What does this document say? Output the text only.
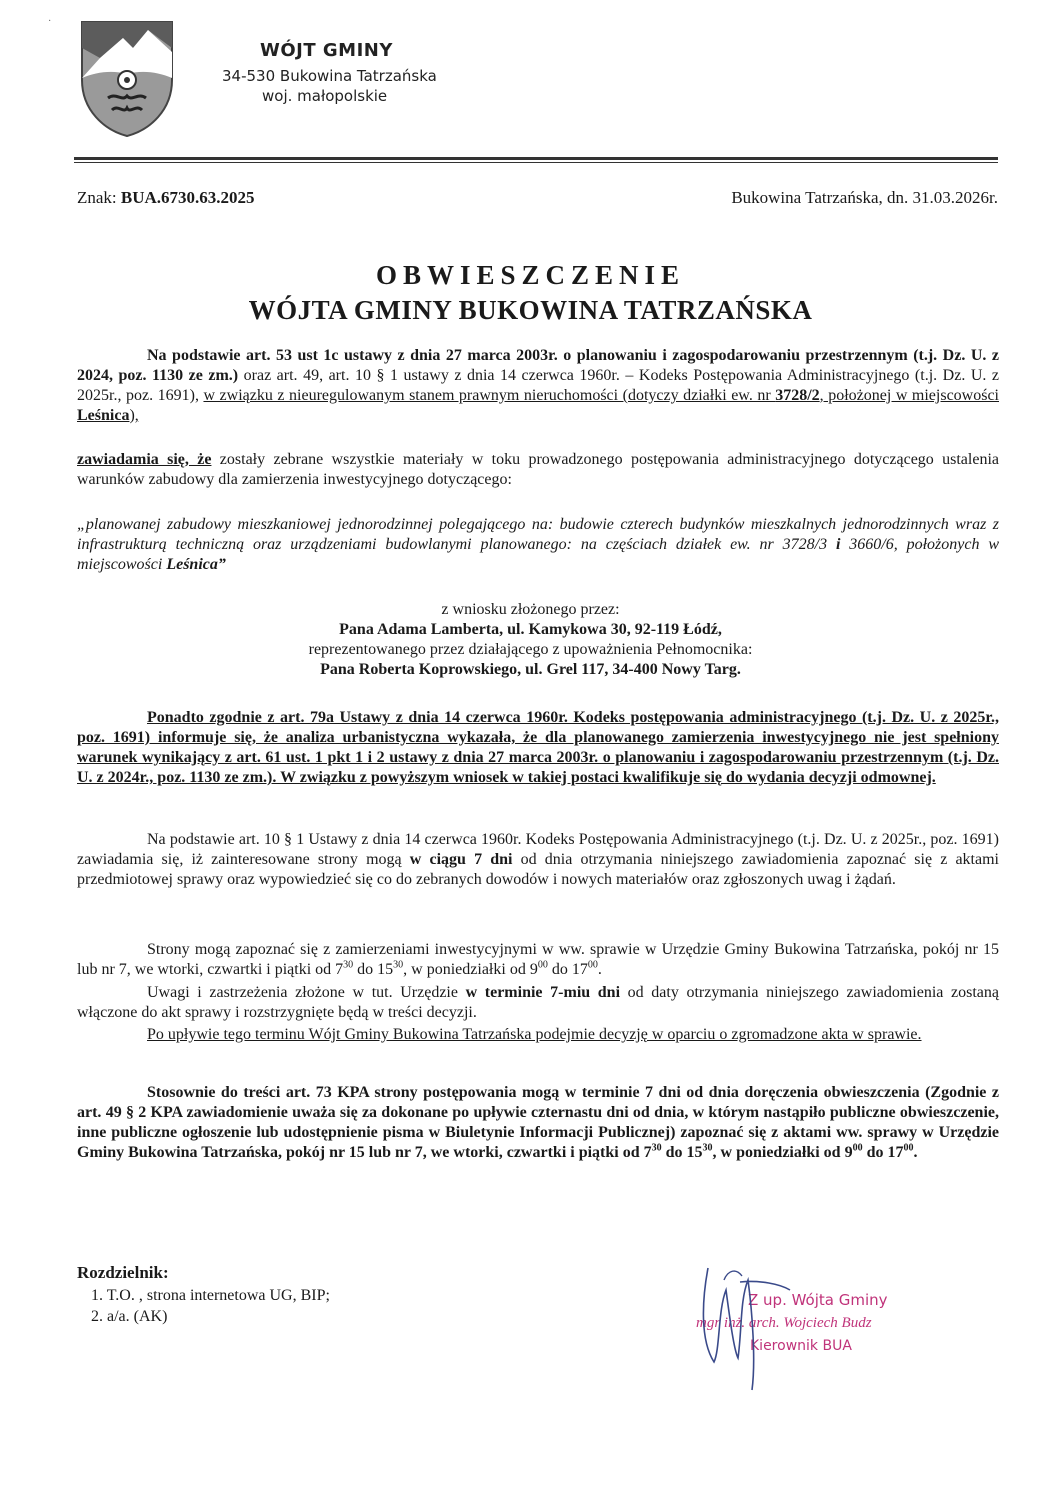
·
WÓJT GMINY
34-530 Bukowina Tatrzańska
woj. małopolskie
Znak: BUA.6730.63.2025	Bukowina Tatrzańska, dn. 31.03.2026r.
OBWIESZCZENIE
WÓJTA GMINY BUKOWINA TATRZAŃSKA
Na podstawie art. 53 ust 1c ustawy z dnia 27 marca 2003r. o planowaniu i zagospodarowaniu przestrzennym (t.j. Dz. U. z 2024, poz. 1130 ze zm.) oraz art. 49, art. 10 § 1 ustawy z dnia 14 czerwca 1960r. – Kodeks Postępowania Administracyjnego (t.j. Dz. U. z 2025r., poz. 1691), w związku z nieuregulowanym stanem prawnym nieruchomości (dotyczy działki ew. nr 3728/2, położonej w miejscowości Leśnica),
zawiadamia się, że zostały zebrane wszystkie materiały w toku prowadzonego postępowania administracyjnego dotyczącego ustalenia warunków zabudowy dla zamierzenia inwestycyjnego dotyczącego:
„planowanej zabudowy mieszkaniowej jednorodzinnej polegającego na: budowie czterech budynków mieszkalnych jednorodzinnych wraz z infrastrukturą techniczną oraz urządzeniami budowlanymi planowanego: na częściach działek ew. nr 3728/3 i 3660/6, położonych w miejscowości Leśnica”
z wniosku złożonego przez:
Pana Adama Lamberta, ul. Kamykowa 30, 92-119 Łódź,
reprezentowanego przez działającego z upoważnienia Pełnomocnika:
Pana Roberta Koprowskiego, ul. Grel 117, 34-400 Nowy Targ.
Ponadto zgodnie z art. 79a Ustawy z dnia 14 czerwca 1960r. Kodeks postępowania administracyjnego (t.j. Dz. U. z 2025r., poz. 1691) informuje się, że analiza urbanistyczna wykazała, że dla planowanego zamierzenia inwestycyjnego nie jest spełniony warunek wynikający z art. 61 ust. 1 pkt 1 i 2 ustawy z dnia 27 marca 2003r. o planowaniu i zagospodarowaniu przestrzennym (t.j. Dz. U. z 2024r., poz. 1130 ze zm.). W związku z powyższym wniosek w takiej postaci kwalifikuje się do wydania decyzji odmownej.
Na podstawie art. 10 § 1 Ustawy z dnia 14 czerwca 1960r. Kodeks Postępowania Administracyjnego (t.j. Dz. U. z 2025r., poz. 1691) zawiadamia się, iż zainteresowane strony mogą w ciągu 7 dni od dnia otrzymania niniejszego zawiadomienia zapoznać się z aktami przedmiotowej sprawy oraz wypowiedzieć się co do zebranych dowodów i nowych materiałów oraz zgłoszonych uwag i żądań.
Strony mogą zapoznać się z zamierzeniami inwestycyjnymi w ww. sprawie w Urzędzie Gminy Bukowina Tatrzańska, pokój nr 15 lub nr 7, we wtorki, czwartki i piątki od $7^{30}$ do $15^{30}$, w poniedziałki od $9^{00}$ do $17^{00}$.
Uwagi i zastrzeżenia złożone w tut. Urzędzie w terminie 7-miu dni od daty otrzymania niniejszego zawiadomienia zostaną włączone do akt sprawy i rozstrzygnięte będą w treści decyzji.
Po upływie tego terminu Wójt Gminy Bukowina Tatrzańska podejmie decyzję w oparciu o zgromadzone akta w sprawie.
Stosownie do treści art. 73 KPA strony postępowania mogą w terminie 7 dni od dnia doręczenia obwieszczenia (Zgodnie z art. 49 § 2 KPA zawiadomienie uważa się za dokonane po upływie czternastu dni od dnia, w którym nastąpiło publiczne obwieszczenie, inne publiczne ogłoszenie lub udostępnienie pisma w Biuletynie Informacji Publicznej) zapoznać się z aktami ww. sprawy w Urzędzie Gminy Bukowina Tatrzańska, pokój nr 15 lub nr 7, we wtorki, czwartki i piątki od $7^{30}$ do $15^{30}$, w poniedziałki od $9^{00}$ do $17^{00}$.
Z up. Wójta Gminy
mgr inż. arch. Wojciech Budz
Kierownik BUA
Rozdzielnik:
1. T.O. , strona internetowa UG, BIP;
2. a/a. (AK)
